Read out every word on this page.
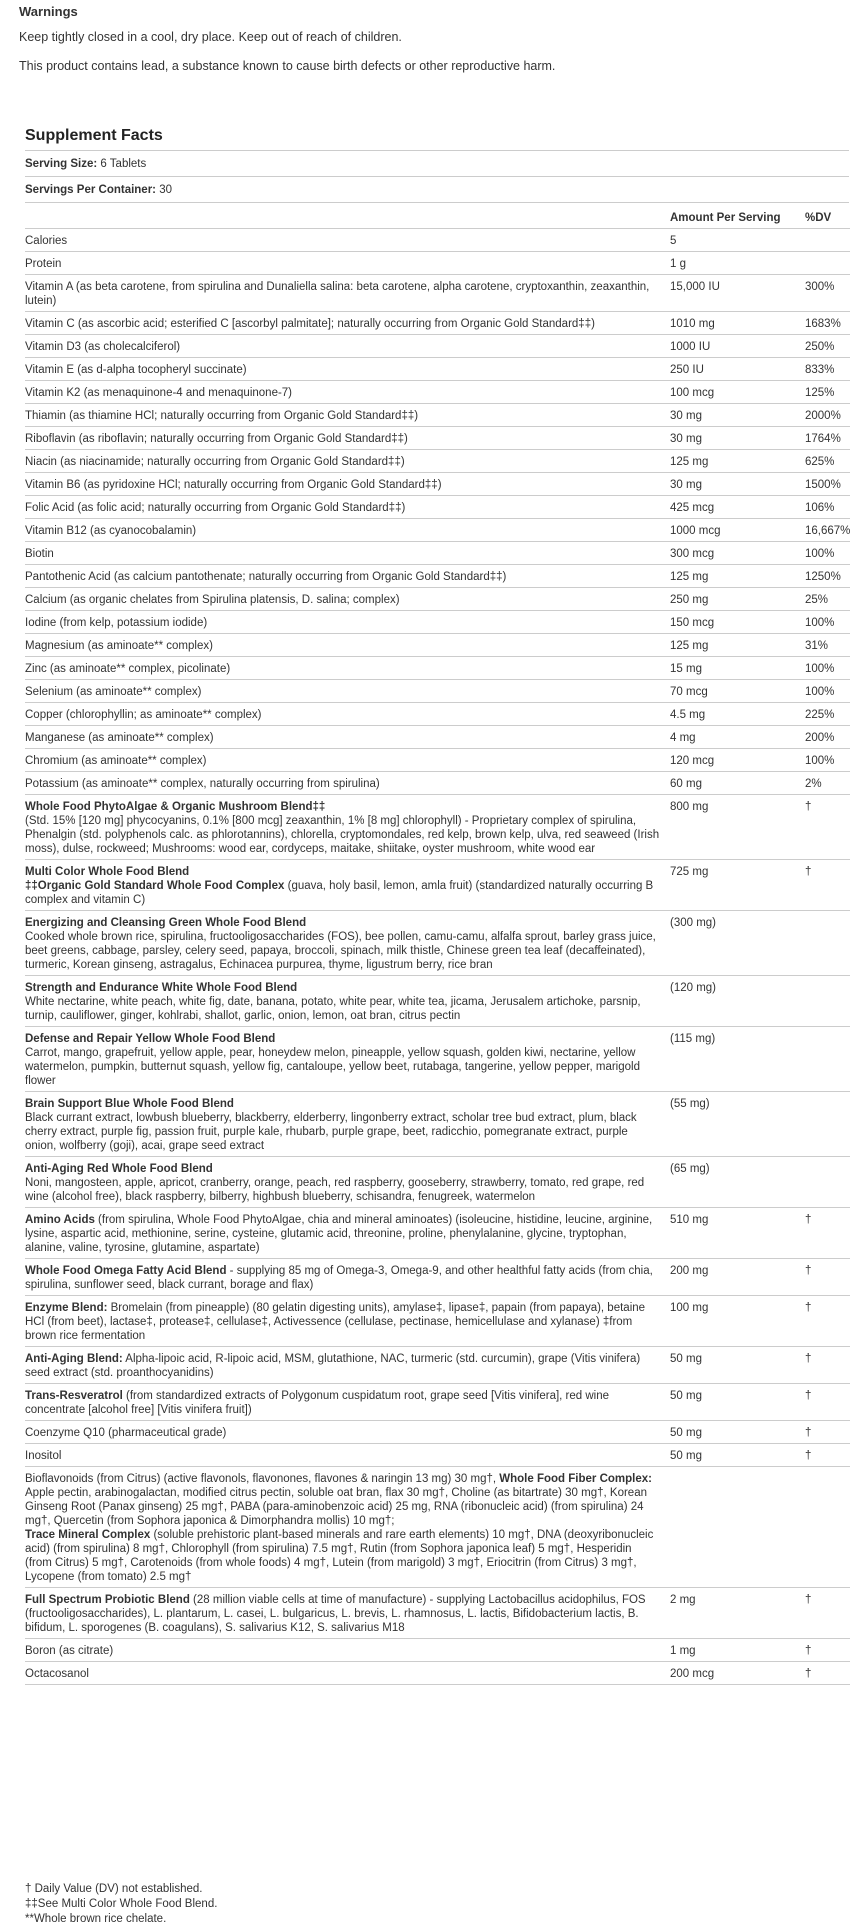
Warnings

Keep tightly closed in a cool, dry place. Keep out of reach of children.

This product contains lead, a substance known to cause birth defects or other reproductive harm.

Supplement Facts
Serving Size: 6 Tablets
Servings Per Container: 30
	Amount Per Serving	%DV
Calories	5	
Protein	1 g	
Vitamin A (as beta carotene, from spirulina and Dunaliella salina: beta carotene, alpha carotene, cryptoxanthin, zeaxanthin, lutein)	15,000 IU	300%
Vitamin C (as ascorbic acid; esterified C [ascorbyl palmitate]; naturally occurring from Organic Gold Standard‡‡)	1010 mg	1683%
Vitamin D3 (as cholecalciferol)	1000 IU	250%
Vitamin E (as d-alpha tocopheryl succinate)	250 IU	833%
Vitamin K2 (as menaquinone-4 and menaquinone-7)	100 mcg	125%
Thiamin (as thiamine HCl; naturally occurring from Organic Gold Standard‡‡)	30 mg	2000%
Riboflavin (as riboflavin; naturally occurring from Organic Gold Standard‡‡)	30 mg	1764%
Niacin (as niacinamide; naturally occurring from Organic Gold Standard‡‡)	125 mg	625%
Vitamin B6 (as pyridoxine HCl; naturally occurring from Organic Gold Standard‡‡)	30 mg	1500%
Folic Acid (as folic acid; naturally occurring from Organic Gold Standard‡‡)	425 mcg	106%
Vitamin B12 (as cyanocobalamin)	1000 mcg	16,667%
Biotin	300 mcg	100%
Pantothenic Acid (as calcium pantothenate; naturally occurring from Organic Gold Standard‡‡)	125 mg	1250%
Calcium (as organic chelates from Spirulina platensis, D. salina; complex)	250 mg	25%
Iodine (from kelp, potassium iodide)	150 mcg	100%
Magnesium (as aminoate** complex)	125 mg	31%
Zinc (as aminoate** complex, picolinate)	15 mg	100%
Selenium (as aminoate** complex)	70 mcg	100%
Copper (chlorophyllin; as aminoate** complex)	4.5 mg	225%
Manganese (as aminoate** complex)	4 mg	200%
Chromium (as aminoate** complex)	120 mcg	100%
Potassium (as aminoate** complex, naturally occurring from spirulina)	60 mg	2%
Whole Food PhytoAlgae & Organic Mushroom Blend‡‡
(Std. 15% [120 mg] phycocyanins, 0.1% [800 mcg] zeaxanthin, 1% [8 mg] chlorophyll) - Proprietary complex of spirulina, Phenalgin (std. polyphenols calc. as phlorotannins), chlorella, cryptomondales, red kelp, brown kelp, ulva, red seaweed (Irish moss), dulse, rockweed; Mushrooms: wood ear, cordyceps, maitake, shiitake, oyster mushroom, white wood ear	800 mg	†
Multi Color Whole Food Blend
‡‡Organic Gold Standard Whole Food Complex (guava, holy basil, lemon, amla fruit) (standardized naturally occurring B complex and vitamin C)	725 mg	†
Energizing and Cleansing Green Whole Food Blend
Cooked whole brown rice, spirulina, fructooligosaccharides (FOS), bee pollen, camu-camu, alfalfa sprout, barley grass juice, beet greens, cabbage, parsley, celery seed, papaya, broccoli, spinach, milk thistle, Chinese green tea leaf (decaffeinated), turmeric, Korean ginseng, astragalus, Echinacea purpurea, thyme, ligustrum berry, rice bran	(300 mg)	
Strength and Endurance White Whole Food Blend
White nectarine, white peach, white fig, date, banana, potato, white pear, white tea, jicama, Jerusalem artichoke, parsnip, turnip, cauliflower, ginger, kohlrabi, shallot, garlic, onion, lemon, oat bran, citrus pectin	(120 mg)	
Defense and Repair Yellow Whole Food Blend
Carrot, mango, grapefruit, yellow apple, pear, honeydew melon, pineapple, yellow squash, golden kiwi, nectarine, yellow watermelon, pumpkin, butternut squash, yellow fig, cantaloupe, yellow beet, rutabaga, tangerine, yellow pepper, marigold flower	(115 mg)	
Brain Support Blue Whole Food Blend
Black currant extract, lowbush blueberry, blackberry, elderberry, lingonberry extract, scholar tree bud extract, plum, black cherry extract, purple fig, passion fruit, purple kale, rhubarb, purple grape, beet, radicchio, pomegranate extract, purple onion, wolfberry (goji), acai, grape seed extract	(55 mg)	
Anti-Aging Red Whole Food Blend
Noni, mangosteen, apple, apricot, cranberry, orange, peach, red raspberry, gooseberry, strawberry, tomato, red grape, red wine (alcohol free), black raspberry, bilberry, highbush blueberry, schisandra, fenugreek, watermelon	(65 mg)	
Amino Acids (from spirulina, Whole Food PhytoAlgae, chia and mineral aminoates) (isoleucine, histidine, leucine, arginine, lysine, aspartic acid, methionine, serine, cysteine, glutamic acid, threonine, proline, phenylalanine, glycine, tryptophan, alanine, valine, tyrosine, glutamine, aspartate)	510 mg	†
Whole Food Omega Fatty Acid Blend - supplying 85 mg of Omega-3, Omega-9, and other healthful fatty acids (from chia, spirulina, sunflower seed, black currant, borage and flax)	200 mg	†
Enzyme Blend: Bromelain (from pineapple) (80 gelatin digesting units), amylase‡, lipase‡, papain (from papaya), betaine HCl (from beet), lactase‡, protease‡, cellulase‡, Activessence (cellulase, pectinase, hemicellulase and xylanase) ‡from brown rice fermentation	100 mg	†
Anti-Aging Blend: Alpha-lipoic acid, R-lipoic acid, MSM, glutathione, NAC, turmeric (std. curcumin), grape (Vitis vinifera) seed extract (std. proanthocyanidins)	50 mg	†
Trans-Resveratrol (from standardized extracts of Polygonum cuspidatum root, grape seed [Vitis vinifera], red wine concentrate [alcohol free] [Vitis vinifera fruit])	50 mg	†
Coenzyme Q10 (pharmaceutical grade)	50 mg	†
Inositol	50 mg	†
Bioflavonoids (from Citrus) (active flavonols, flavonones, flavones & naringin 13 mg) 30 mg†, Whole Food Fiber Complex: Apple pectin, arabinogalactan, modified citrus pectin, soluble oat bran, flax 30 mg†, Choline (as bitartrate) 30 mg†, Korean Ginseng Root (Panax ginseng) 25 mg†, PABA (para-aminobenzoic acid) 25 mg, RNA (ribonucleic acid) (from spirulina) 24 mg†, Quercetin (from Sophora japonica & Dimorphandra mollis) 10 mg†;
Trace Mineral Complex (soluble prehistoric plant-based minerals and rare earth elements) 10 mg†, DNA (deoxyribonucleic acid) (from spirulina) 8 mg†, Chlorophyll (from spirulina) 7.5 mg†, Rutin (from Sophora japonica leaf) 5 mg†, Hesperidin (from Citrus) 5 mg†, Carotenoids (from whole foods) 4 mg†, Lutein (from marigold) 3 mg†, Eriocitrin (from Citrus) 3 mg†, Lycopene (from tomato) 2.5 mg†		
Full Spectrum Probiotic Blend (28 million viable cells at time of manufacture) - supplying Lactobacillus acidophilus, FOS (fructooligosaccharides), L. plantarum, L. casei, L. bulgaricus, L. brevis, L. rhamnosus, L. lactis, Bifidobacterium lactis, B. bifidum, L. sporogenes (B. coagulans), S. salivarius K12, S. salivarius M18	2 mg	†
Boron (as citrate)	1 mg	†
Octacosanol	200 mcg	†
† Daily Value (DV) not established.
‡‡See Multi Color Whole Food Blend.
**Whole brown rice chelate.
